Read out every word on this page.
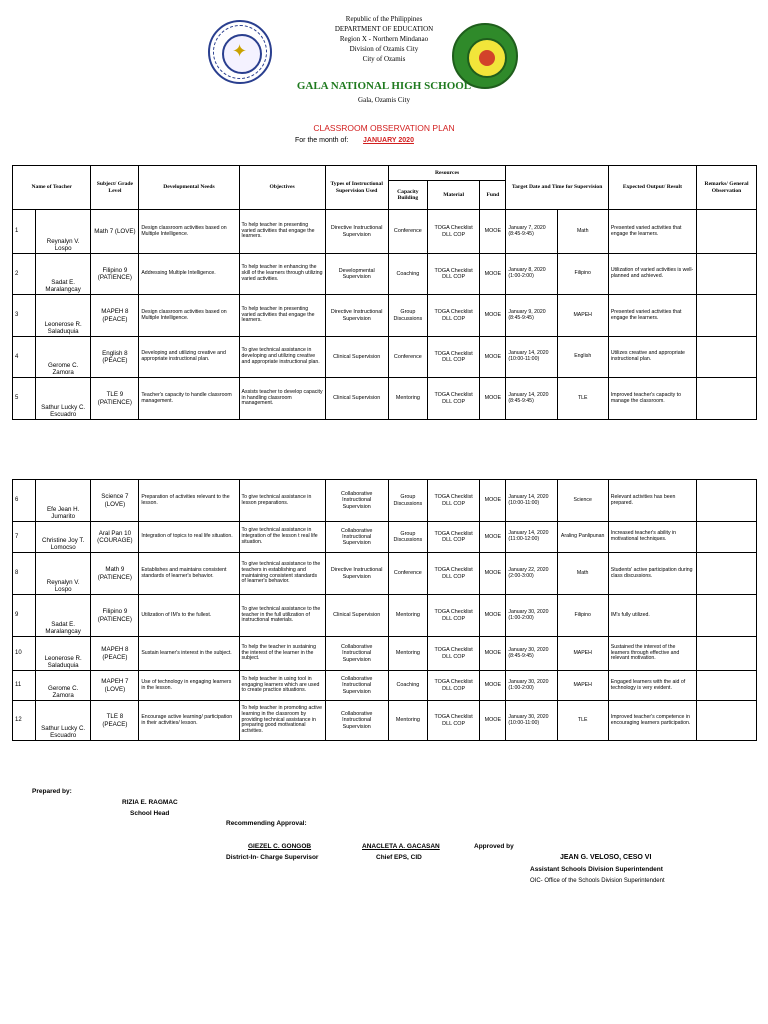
✦
Republic of the Philippines
DEPARTMENT OF EDUCATION
Region X - Northern Mindanao
Division of Ozamis City
City of Ozamis
GALA NATIONAL HIGH SCHOOL
Gala, Ozamis City
CLASSROOM OBSERVATION PLAN
For the month of: JANUARY 2020
Name of Teacher		Subject/ Grade Level	Developmental Needs	Objectives	Types of Instructional Supervision Used	Resources			Target Date and Time for Supervision		Expected Output/ Result	Remarks/ General Observation
						Capacity Building	Material	Fund				
1	Reynalyn V. Lospo	Math 7 (LOVE)	Design classroom activities based on Multiple Intelligence.	To help teacher in presenting varied activities that engage the learners.	Directive Instructional Supervision	Conference	TOGA Checklist DLL COP	MOOE	January 7, 2020 (8:45-9:45)	Math	Presented varied activities that engage the learners.	
2	Sadat E. Maralangcay	Filipino 9 (PATIENCE)	Addressing Multiple Intelligence.	To help teacher in enhancing the skill of the learners through utilizing varied activities.	Developmental Supervision	Coaching	TOGA Checklist DLL COP	MOOE	January 8, 2020 (1:00-2:00)	Filipino	Utilization of varied activities is well-planned and achieved.	
3	Leonerose R. Saladuquia	MAPEH 8 (PEACE)	Design classroom activities based on Multiple Intelligence.	To help teacher in presenting varied activities that engage the learners.	Directive Instructional Supervision	Group Discussions	TOGA Checklist DLL COP	MOOE	January 9, 2020 (8:45-9:45)	MAPEH	Presented varied activities that engage the learners.	
4	Gerome C. Zamora	English 8 (PEACE)	Developing and utilizing creative and appropriate instructional plan.	To give technical assistance in developing and utilizing creative and appropriate instructional plan.	Clinical Supervision	Conference	TOGA Checklist DLL COP	MOOE	January 14, 2020 (10:00-11:00)	English	Utilizes creative and appropriate instructional plan.	
5	Sathur Lucky C. Escuadro	TLE 9 (PATIENCE)	Teacher's capacity to handle classroom management.	Assists teacher to develop capacity in handling classroom management.	Clinical Supervision	Mentoring	TOGA Checklist DLL COP	MOOE	January 14, 2020 (8:45-9:45)	TLE	Improved teacher's capacity to manage the classroom.	
6	Efe Jean H. Jumarito	Science 7 (LOVE)	Preparation of activities relevant to the lesson.	To give technical assistance in lesson preparations.	Collaborative Instructional Supervision	Group Discussions	TOGA Checklist DLL COP	MOOE	January 14, 2020 (10:00-11:00)	Science	Relevant activities has been prepared.	
7	Christine Joy T. Lomocso	Aral Pan 10 (COURAGE)	Integration of topics to real life situation.	To give technical assistance in integration of the lesson t real life situation.	Collaborative Instructional Supervision	Group Discussions	TOGA Checklist DLL COP	MOOE	January 14, 2020 (11:00-12:00)	Araling Panlipunan	Increased teacher's ability in motivational techniques.	
8	Reynalyn V. Lospo	Math 9 (PATIENCE)	Establishes and maintains consistent standards of learner's behavior.	To give technical assistance to the teachers in establishing and maintaining consistent standards of learner's behavior.	Directive Instructional Supervision	Conference	TOGA Checklist DLL COP	MOOE	January 22, 2020 (2:00-3:00)	Math	Students' active participation during class discussions.	
9	Sadat E. Maralangcay	Filipino 9 (PATIENCE)	Utilization of IM's to the fullest.	To give technical assistance to the teacher in the full utilization of instructional materials.	Clinical Supervision	Mentoring	TOGA Checklist DLL COP	MOOE	January 30, 2020 (1:00-2:00)	Filipino	IM's fully utilized.	
10	Leonerose R. Saladuquia	MAPEH 8 (PEACE)	Sustain learner's interest in the subject.	To help the teacher in sustaining the interest of the learner in the subject.	Collaborative Instructional Supervision	Mentoring	TOGA Checklist DLL COP	MOOE	January 30, 2020 (8:45-9:45)	MAPEH	Sustained the interest of the learners through effective and relevant motivation.	
11	Gerome C. Zamora	MAPEH 7 (LOVE)	Use of technology in engaging learners in the lesson.	To help teacher in using tool in engaging learners which are used to create practice situations.	Collaborative Instructional Supervision	Coaching	TOGA Checklist DLL COP	MOOE	January 30, 2020 (1:00-2:00)	MAPEH	Engaged learners with the aid of technology is very evident.	
12	Sathur Lucky C. Escuadro	TLE 8 (PEACE)	Encourage active learning/ participation in their activities/ lesson.	To help teacher in promoting active learning in the classroom by providing technical assistance in preparing good motivational activities.	Collaborative Instructional Supervision	Mentoring	TOGA Checklist DLL COP	MOOE	January 30, 2020 (10:00-11:00)	TLE	Improved teacher's competence in encouraging learners participation.	
Prepared by:
RIZIA E. RAGMAC
School Head
Recommending Approval:
GIEZEL C. GONGOB
District-In- Charge Supervisor
ANACLETA A. GACASAN
Chief EPS, CID
Approved by
JEAN G. VELOSO, CESO VI
Assistant Schools Division Superintendent
OIC- Office of the Schools Division Superintendent
